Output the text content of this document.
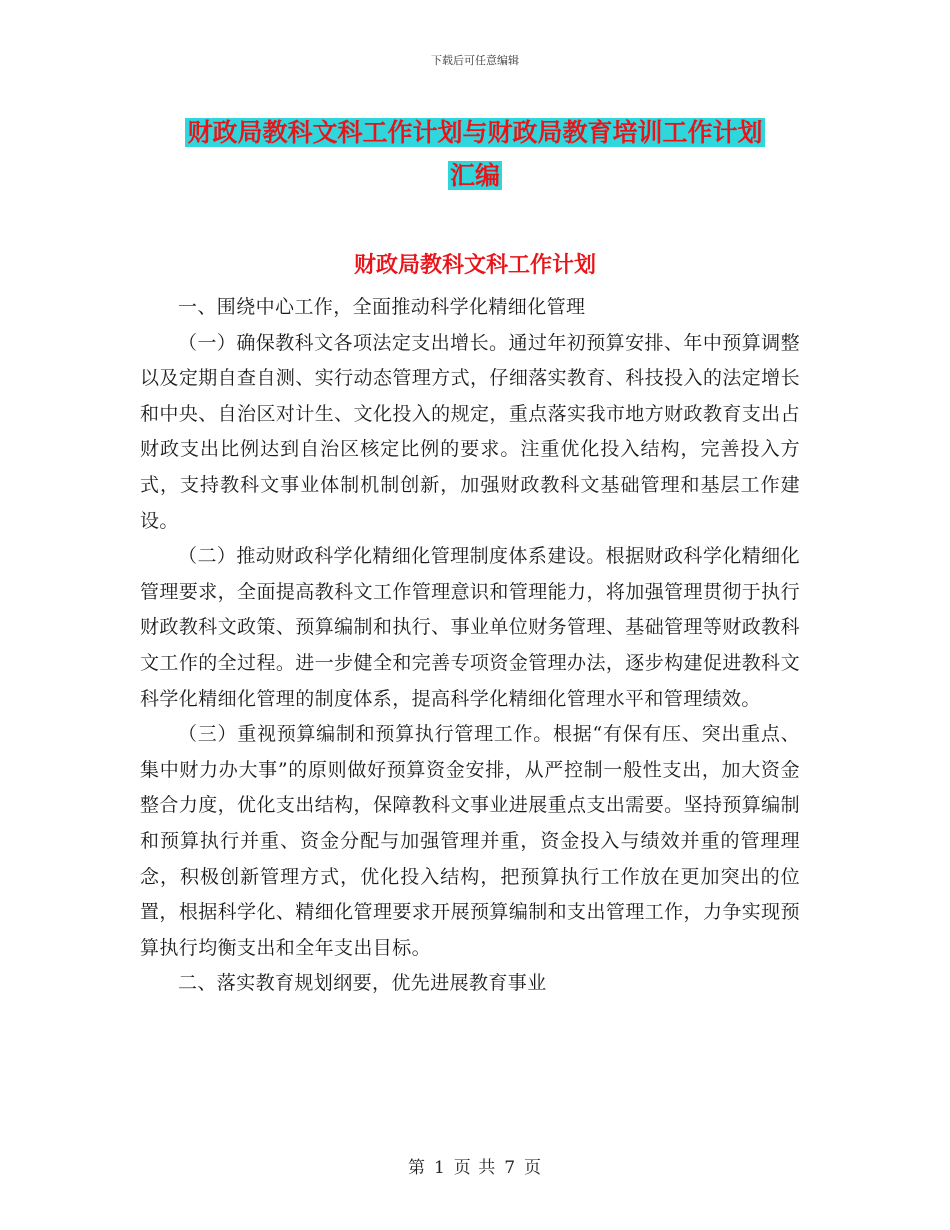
下载后可任意编辑
财政局教科文科工作计划与财政局教育培训工作计划
汇编
财政局教科文科工作计划

一、围绕中心工作，全面推动科学化精细化管理

（一）确保教科文各项法定支出增长。通过年初预算安排、年中预算调整以及定期自查自测、实行动态管理方式，仔细落实教育、科技投入的法定增长和中央、自治区对计生、文化投入的规定，重点落实我市地方财政教育支出占财政支出比例达到自治区核定比例的要求。注重优化投入结构，完善投入方式，支持教科文事业体制机制创新，加强财政教科文基础管理和基层工作建设。

（二）推动财政科学化精细化管理制度体系建设。根据财政科学化精细化管理要求，全面提高教科文工作管理意识和管理能力，将加强管理贯彻于执行财政教科文政策、预算编制和执行、事业单位财务管理、基础管理等财政教科文工作的全过程。进一步健全和完善专项资金管理办法，逐步构建促进教科文科学化精细化管理的制度体系，提高科学化精细化管理水平和管理绩效。

（三）重视预算编制和预算执行管理工作。根据“有保有压、突出重点、集中财力办大事”的原则做好预算资金安排，从严控制一般性支出，加大资金整合力度，优化支出结构，保障教科文事业进展重点支出需要。坚持预算编制和预算执行并重、资金分配与加强管理并重，资金投入与绩效并重的管理理念，积极创新管理方式，优化投入结构，把预算执行工作放在更加突出的位置，根据科学化、精细化管理要求开展预算编制和支出管理工作，力争实现预算执行均衡支出和全年支出目标。

二、落实教育规划纲要，优先进展教育事业

第 1 页 共 7 页
